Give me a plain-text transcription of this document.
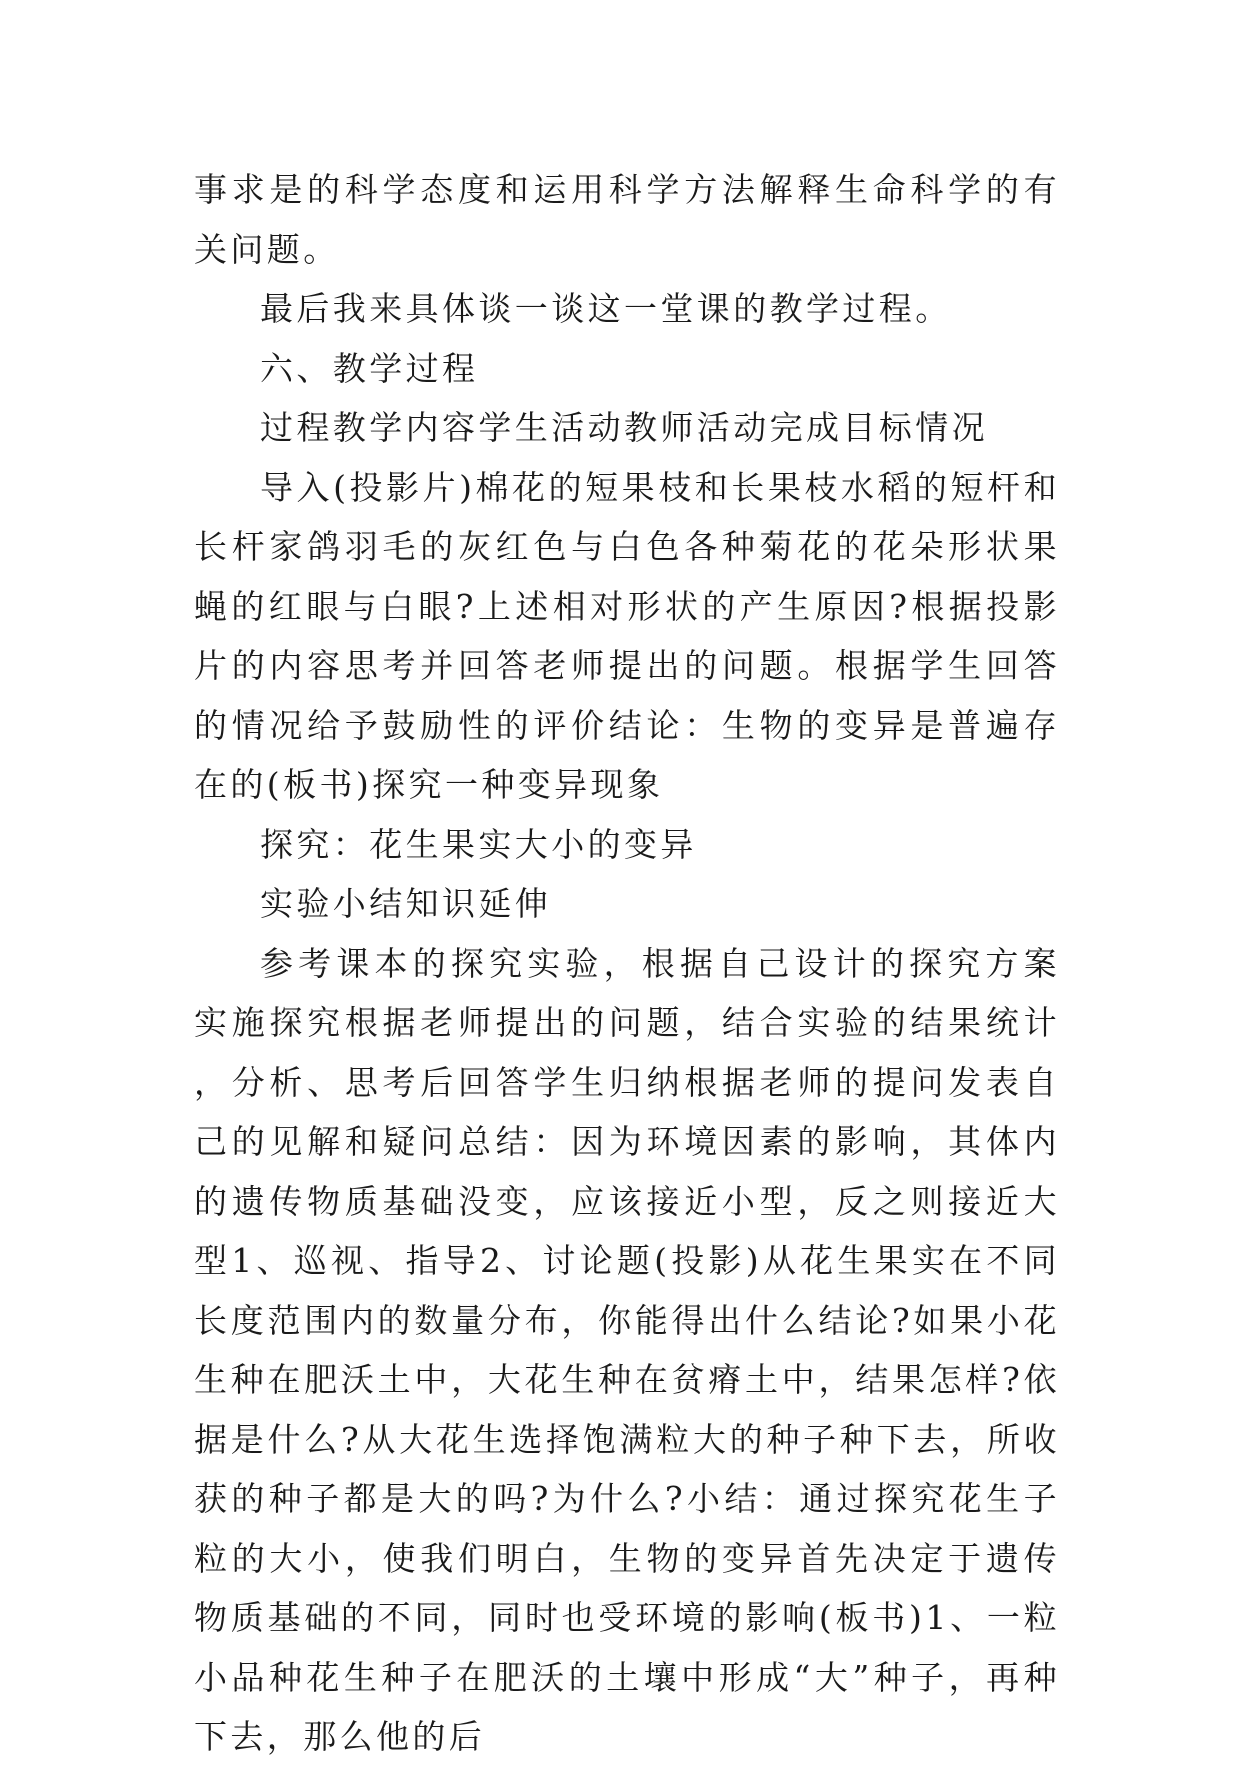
事求是的科学态度和运用科学方法解释生命科学的有关问题。

最后我来具体谈一谈这一堂课的教学过程。

六、教学过程

过程教学内容学生活动教师活动完成目标情况

导入(投影片)棉花的短果枝和长果枝水稻的短杆和长杆家鸽羽毛的灰红色与白色各种菊花的花朵形状果蝇的红眼与白眼?上述相对形状的产生原因?根据投影片的内容思考并回答老师提出的问题。根据学生回答的情况给予鼓励性的评价结论：生物的变异是普遍存在的(板书)探究一种变异现象

探究：花生果实大小的变异

实验小结知识延伸

参考课本的探究实验，根据自己设计的探究方案实施探究根据老师提出的问题，结合实验的结果统计，分析、思考后回答学生归纳根据老师的提问发表自己的见解和疑问总结：因为环境因素的影响，其体内的遗传物质基础没变，应该接近小型，反之则接近大型1、巡视、指导2、讨论题(投影)从花生果实在不同长度范围内的数量分布，你能得出什么结论?如果小花生种在肥沃土中，大花生种在贫瘠土中，结果怎样?依据是什么?从大花生选择饱满粒大的种子种下去，所收获的种子都是大的吗?为什么?小结：通过探究花生子粒的大小，使我们明白，生物的变异首先决定于遗传物质基础的不同，同时也受环境的影响(板书)1、一粒小品种花生种子在肥沃的土壤中形成“大”种子，再种下去，那么他的后
